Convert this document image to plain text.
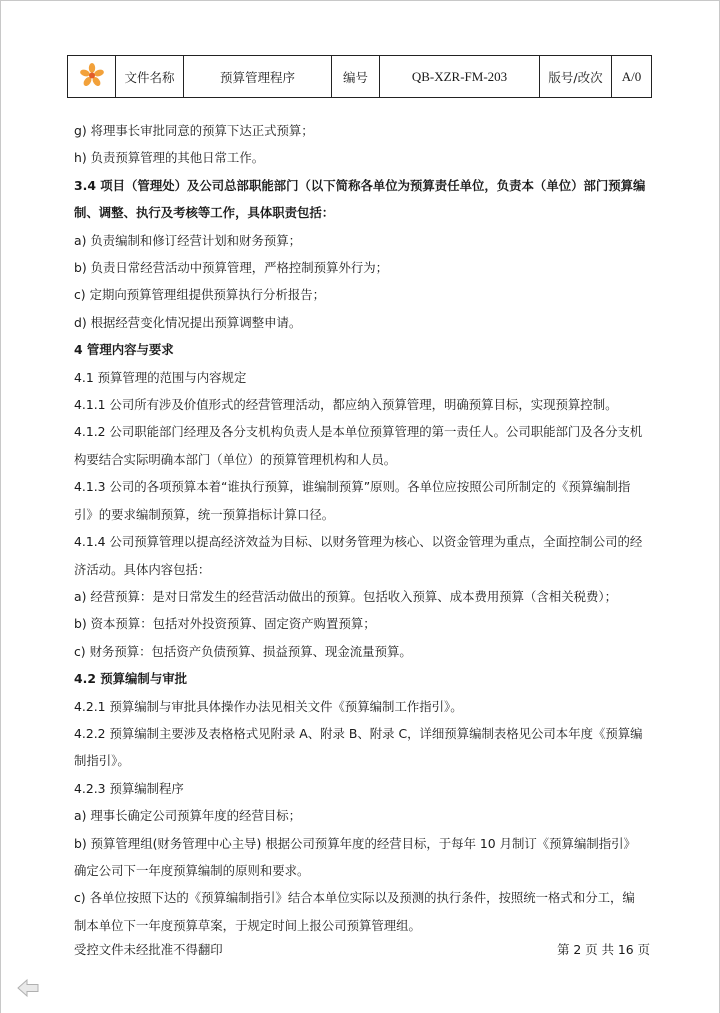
	文件名称	预算管理程序	编号	QB-XZR-FM-203	版号/改次	A/0

g) 将理事长审批同意的预算下达正式预算；

h) 负责预算管理的其他日常工作。

3.4 项目（管理处）及公司总部职能部门（以下简称各单位为预算责任单位，负责本（单位）部门预算编

制、调整、执行及考核等工作，具体职责包括：

a) 负责编制和修订经营计划和财务预算；

b) 负责日常经营活动中预算管理，严格控制预算外行为；

c) 定期向预算管理组提供预算执行分析报告；

d) 根据经营变化情况提出预算调整申请。

4 管理内容与要求

4.1 预算管理的范围与内容规定

4.1.1 公司所有涉及价值形式的经营管理活动，都应纳入预算管理，明确预算目标，实现预算控制。

4.1.2 公司职能部门经理及各分支机构负责人是本单位预算管理的第一责任人。公司职能部门及各分支机

构要结合实际明确本部门（单位）的预算管理机构和人员。

4.1.3 公司的各项预算本着“谁执行预算，谁编制预算”原则。各单位应按照公司所制定的《预算编制指

引》的要求编制预算，统一预算指标计算口径。

4.1.4 公司预算管理以提高经济效益为目标、以财务管理为核心、以资金管理为重点，全面控制公司的经

济活动。具体内容包括：

a) 经营预算：是对日常发生的经营活动做出的预算。包括收入预算、成本费用预算（含相关税费）；

b) 资本预算：包括对外投资预算、固定资产购置预算；

c) 财务预算：包括资产负债预算、损益预算、现金流量预算。

4.2 预算编制与审批

4.2.1 预算编制与审批具体操作办法见相关文件《预算编制工作指引》。

4.2.2 预算编制主要涉及表格格式见附录 A、附录 B、附录 C，详细预算编制表格见公司本年度《预算编

制指引》。

4.2.3 预算编制程序

a) 理事长确定公司预算年度的经营目标；

b) 预算管理组(财务管理中心主导) 根据公司预算年度的经营目标，于每年 10 月制订《预算编制指引》

确定公司下一年度预算编制的原则和要求。

c) 各单位按照下达的《预算编制指引》结合本单位实际以及预测的执行条件，按照统一格式和分工，编

制本单位下一年度预算草案，于规定时间上报公司预算管理组。

受控文件未经批准不得翻印	第 2 页 共 16 页
